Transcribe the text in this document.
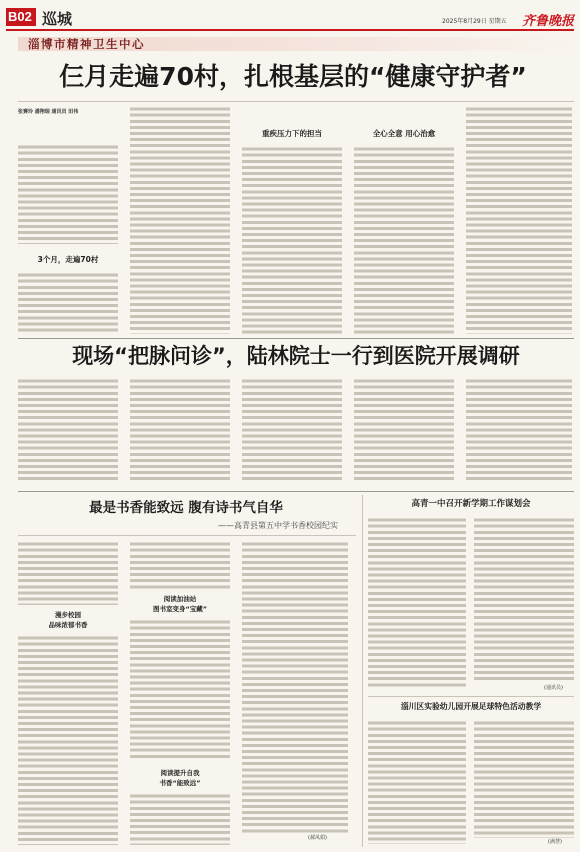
B02 巡城	2025年8月29日 星期五 齐鲁晚报
淄博市精神卫生中心
仨月走遍70村，扎根基层的“健康守护者”
张赛玲 潘翔瑞 通讯员 田伟
3个月，走遍70村
重疾压力下的担当	全心全意 用心治愈
现场“把脉问诊”，陆林院士一行到医院开展调研
最是书香能致远 腹有诗书气自华
——高青县第五中学书香校园纪实
漫步校园
品味浓郁书香
阅读加油站
图书室变身“宝藏”
阅读提升自我
书香“能致远”
(郝凤娟)
高青一中召开新学期工作谋划会
(通讯员)
淄川区实验幼儿园开展足球特色活动教学
(满慧)
